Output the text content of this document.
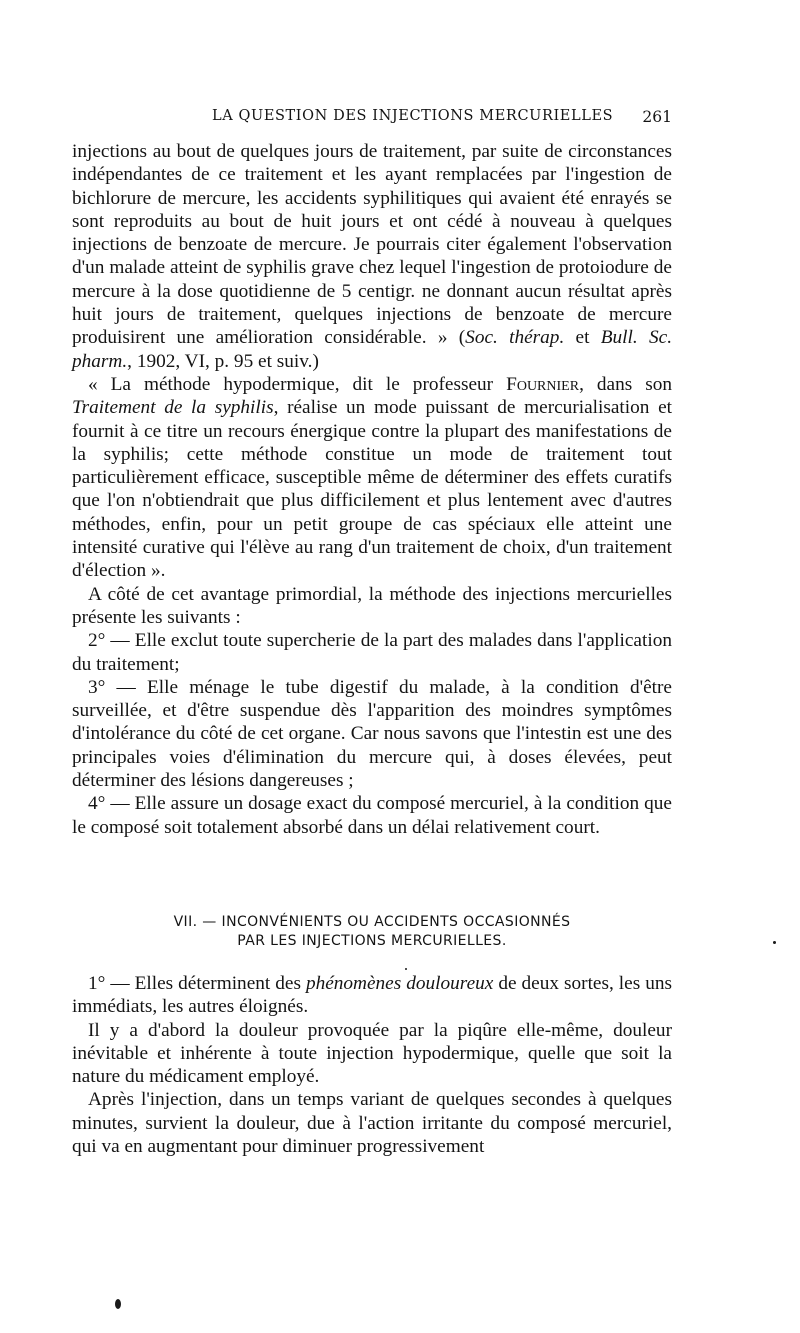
LA QUESTION DES INJECTIONS MERCURIELLES 261

injections au bout de quelques jours de traitement, par suite de circonstances indépendantes de ce traitement et les ayant remplacées par l'ingestion de bichlorure de mercure, les accidents syphilitiques qui avaient été enrayés se sont reproduits au bout de huit jours et ont cédé à nouveau à quelques injections de benzoate de mercure. Je pourrais citer également l'observation d'un malade atteint de syphilis grave chez lequel l'ingestion de protoiodure de mercure à la dose quotidienne de 5 centigr. ne donnant aucun résultat après huit jours de traitement, quelques injections de benzoate de mercure produisirent une amélioration considérable. » (Soc. thérap. et Bull. Sc. pharm., 1902, VI, p. 95 et suiv.)

« La méthode hypodermique, dit le professeur Fournier, dans son Traitement de la syphilis, réalise un mode puissant de mercurialisation et fournit à ce titre un recours énergique contre la plupart des manifestations de la syphilis; cette méthode constitue un mode de traitement tout particulièrement efficace, susceptible même de déterminer des effets curatifs que l'on n'obtiendrait que plus difficilement et plus lentement avec d'autres méthodes, enfin, pour un petit groupe de cas spéciaux elle atteint une intensité curative qui l'élève au rang d'un traitement de choix, d'un traitement d'élection ».

A côté de cet avantage primordial, la méthode des injections mercurielles présente les suivants :

2° — Elle exclut toute supercherie de la part des malades dans l'application du traitement;

3° — Elle ménage le tube digestif du malade, à la condition d'être surveillée, et d'être suspendue dès l'apparition des moindres symptômes d'intolérance du côté de cet organe. Car nous savons que l'intestin est une des principales voies d'élimination du mercure qui, à doses élevées, peut déterminer des lésions dangereuses ;

4° — Elle assure un dosage exact du composé mercuriel, à la condition que le composé soit totalement absorbé dans un délai relativement court.

VII. — INCONVÉNIENTS OU ACCIDENTS OCCASIONNÉS
PAR LES INJECTIONS MERCURIELLES.

1° — Elles déterminent des phénomènes douloureux de deux sortes, les uns immédiats, les autres éloignés.

Il y a d'abord la douleur provoquée par la piqûre elle-même, douleur inévitable et inhérente à toute injection hypodermique, quelle que soit la nature du médicament employé.

Après l'injection, dans un temps variant de quelques secondes à quelques minutes, survient la douleur, due à l'action irritante du composé mercuriel, qui va en augmentant pour diminuer progressivement
